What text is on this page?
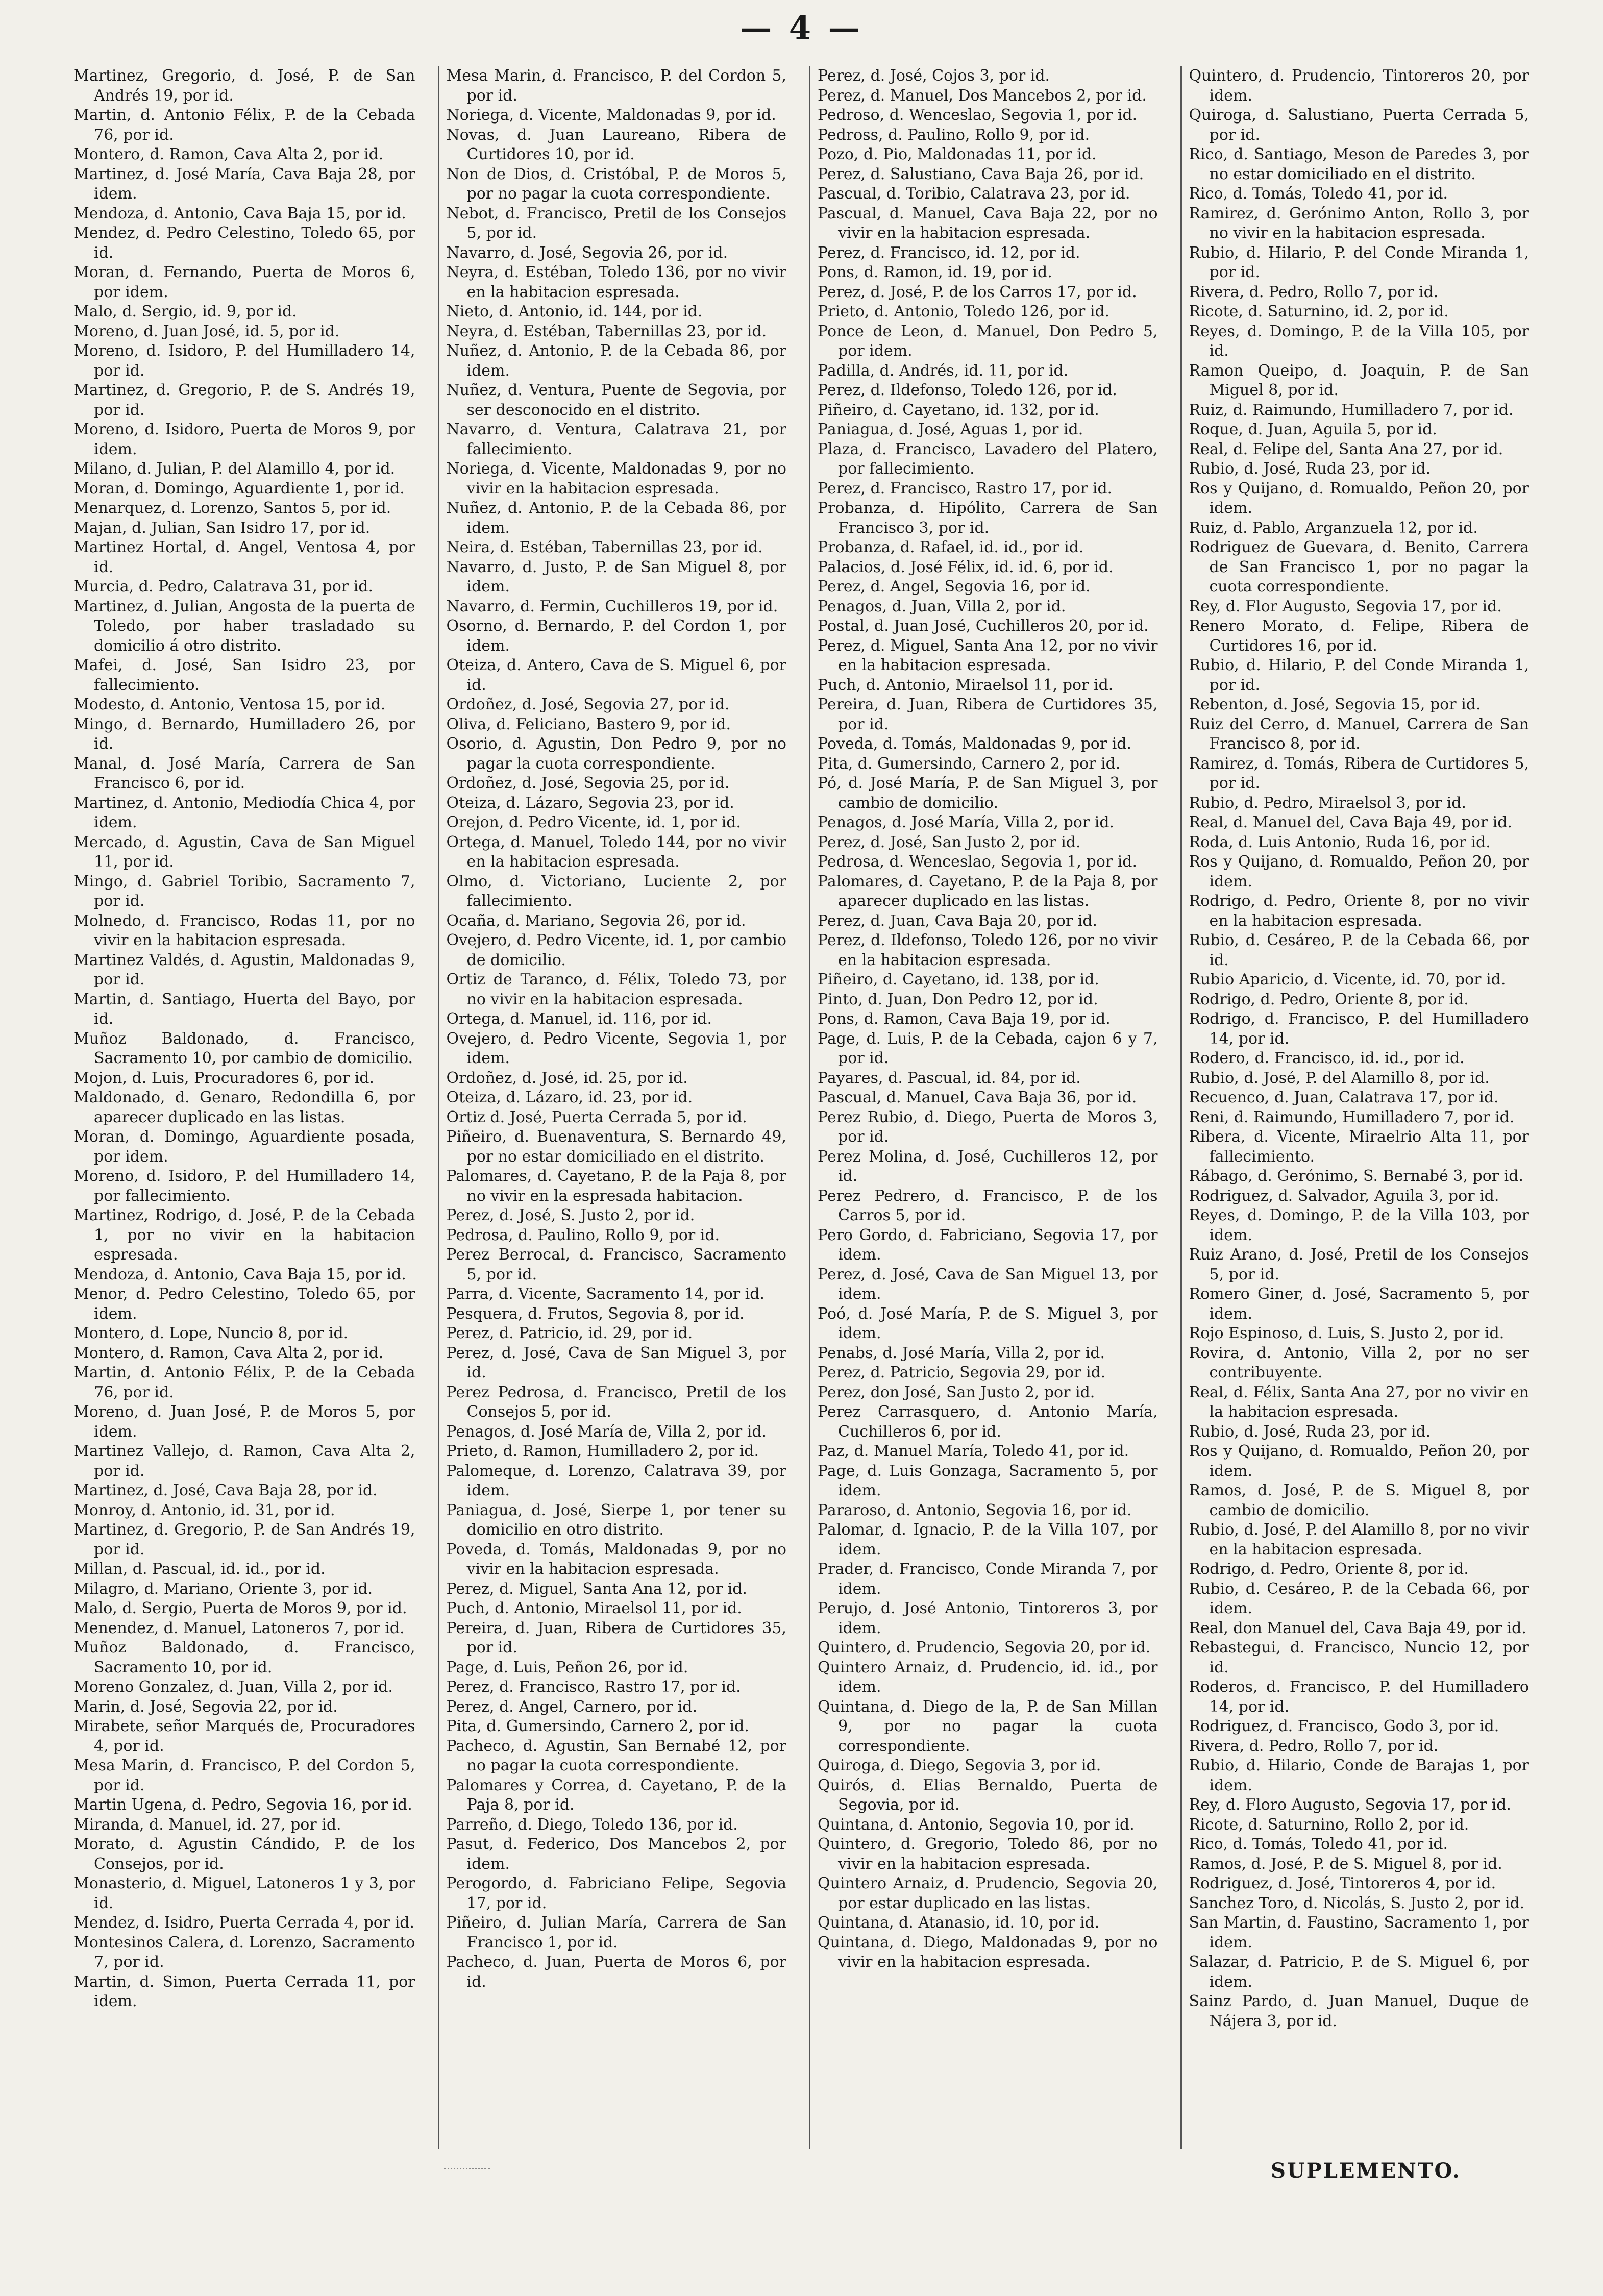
— 4 —

Martinez, Gregorio, d. José, P. de San Andrés 19, por id.

Martin, d. Antonio Félix, P. de la Cebada 76, por id.

Montero, d. Ramon, Cava Alta 2, por id.

Martinez, d. José María, Cava Baja 28, por idem.

Mendoza, d. Antonio, Cava Baja 15, por id.

Mendez, d. Pedro Celestino, Toledo 65, por id.

Moran, d. Fernando, Puerta de Moros 6, por idem.

Malo, d. Sergio, id. 9, por id.

Moreno, d. Juan José, id. 5, por id.

Moreno, d. Isidoro, P. del Humilladero 14, por id.

Martinez, d. Gregorio, P. de S. Andrés 19, por id.

Moreno, d. Isidoro, Puerta de Moros 9, por idem.

Milano, d. Julian, P. del Alamillo 4, por id.

Moran, d. Domingo, Aguardiente 1, por id.

Menarquez, d. Lorenzo, Santos 5, por id.

Majan, d. Julian, San Isidro 17, por id.

Martinez Hortal, d. Angel, Ventosa 4, por id.

Murcia, d. Pedro, Calatrava 31, por id.

Martinez, d. Julian, Angosta de la puerta de Toledo, por haber trasladado su domicilio á otro distrito.

Mafei, d. José, San Isidro 23, por fallecimiento.

Modesto, d. Antonio, Ventosa 15, por id.

Mingo, d. Bernardo, Humilladero 26, por id.

Manal, d. José María, Carrera de San Francisco 6, por id.

Martinez, d. Antonio, Mediodía Chica 4, por idem.

Mercado, d. Agustin, Cava de San Miguel 11, por id.

Mingo, d. Gabriel Toribio, Sacramento 7, por id.

Molnedo, d. Francisco, Rodas 11, por no vivir en la habitacion espresada.

Martinez Valdés, d. Agustin, Maldonadas 9, por id.

Martin, d. Santiago, Huerta del Bayo, por id.

Muñoz Baldonado, d. Francisco, Sacramento 10, por cambio de domicilio.

Mojon, d. Luis, Procuradores 6, por id.

Maldonado, d. Genaro, Redondilla 6, por aparecer duplicado en las listas.

Moran, d. Domingo, Aguardiente posada, por idem.

Moreno, d. Isidoro, P. del Humilladero 14, por fallecimiento.

Martinez, Rodrigo, d. José, P. de la Cebada 1, por no vivir en la habitacion espresada.

Mendoza, d. Antonio, Cava Baja 15, por id.

Menor, d. Pedro Celestino, Toledo 65, por idem.

Montero, d. Lope, Nuncio 8, por id.

Montero, d. Ramon, Cava Alta 2, por id.

Martin, d. Antonio Félix, P. de la Cebada 76, por id.

Moreno, d. Juan José, P. de Moros 5, por idem.

Martinez Vallejo, d. Ramon, Cava Alta 2, por id.

Martinez, d. José, Cava Baja 28, por id.

Monroy, d. Antonio, id. 31, por id.

Martinez, d. Gregorio, P. de San Andrés 19, por id.

Millan, d. Pascual, id. id., por id.

Milagro, d. Mariano, Oriente 3, por id.

Malo, d. Sergio, Puerta de Moros 9, por id.

Menendez, d. Manuel, Latoneros 7, por id.

Muñoz Baldonado, d. Francisco, Sacramento 10, por id.

Moreno Gonzalez, d. Juan, Villa 2, por id.

Marin, d. José, Segovia 22, por id.

Mirabete, señor Marqués de, Procuradores 4, por id.

Mesa Marin, d. Francisco, P. del Cordon 5, por id.

Martin Ugena, d. Pedro, Segovia 16, por id.

Miranda, d. Manuel, id. 27, por id.

Morato, d. Agustin Cándido, P. de los Consejos, por id.

Monasterio, d. Miguel, Latoneros 1 y 3, por id.

Mendez, d. Isidro, Puerta Cerrada 4, por id.

Montesinos Calera, d. Lorenzo, Sacramento 7, por id.

Martin, d. Simon, Puerta Cerrada 11, por idem.

Mesa Marin, d. Francisco, P. del Cordon 5, por id.

Noriega, d. Vicente, Maldonadas 9, por id.

Novas, d. Juan Laureano, Ribera de Curtidores 10, por id.

Non de Dios, d. Cristóbal, P. de Moros 5, por no pagar la cuota correspondiente.

Nebot, d. Francisco, Pretil de los Consejos 5, por id.

Navarro, d. José, Segovia 26, por id.

Neyra, d. Estéban, Toledo 136, por no vivir en la habitacion espresada.

Nieto, d. Antonio, id. 144, por id.

Neyra, d. Estéban, Tabernillas 23, por id.

Nuñez, d. Antonio, P. de la Cebada 86, por idem.

Nuñez, d. Ventura, Puente de Segovia, por ser desconocido en el distrito.

Navarro, d. Ventura, Calatrava 21, por fallecimiento.

Noriega, d. Vicente, Maldonadas 9, por no vivir en la habitacion espresada.

Nuñez, d. Antonio, P. de la Cebada 86, por idem.

Neira, d. Estéban, Tabernillas 23, por id.

Navarro, d. Justo, P. de San Miguel 8, por idem.

Navarro, d. Fermin, Cuchilleros 19, por id.

Osorno, d. Bernardo, P. del Cordon 1, por idem.

Oteiza, d. Antero, Cava de S. Miguel 6, por id.

Ordoñez, d. José, Segovia 27, por id.

Oliva, d. Feliciano, Bastero 9, por id.

Osorio, d. Agustin, Don Pedro 9, por no pagar la cuota correspondiente.

Ordoñez, d. José, Segovia 25, por id.

Oteiza, d. Lázaro, Segovia 23, por id.

Orejon, d. Pedro Vicente, id. 1, por id.

Ortega, d. Manuel, Toledo 144, por no vivir en la habitacion espresada.

Olmo, d. Victoriano, Luciente 2, por fallecimiento.

Ocaña, d. Mariano, Segovia 26, por id.

Ovejero, d. Pedro Vicente, id. 1, por cambio de domicilio.

Ortiz de Taranco, d. Félix, Toledo 73, por no vivir en la habitacion espresada.

Ortega, d. Manuel, id. 116, por id.

Ovejero, d. Pedro Vicente, Segovia 1, por idem.

Ordoñez, d. José, id. 25, por id.

Oteiza, d. Lázaro, id. 23, por id.

Ortiz d. José, Puerta Cerrada 5, por id.

Piñeiro, d. Buenaventura, S. Bernardo 49, por no estar domiciliado en el distrito.

Palomares, d. Cayetano, P. de la Paja 8, por no vivir en la espresada habitacion.

Perez, d. José, S. Justo 2, por id.

Pedrosa, d. Paulino, Rollo 9, por id.

Perez Berrocal, d. Francisco, Sacramento 5, por id.

Parra, d. Vicente, Sacramento 14, por id.

Pesquera, d. Frutos, Segovia 8, por id.

Perez, d. Patricio, id. 29, por id.

Perez, d. José, Cava de San Miguel 3, por id.

Perez Pedrosa, d. Francisco, Pretil de los Consejos 5, por id.

Penagos, d. José María de, Villa 2, por id.

Prieto, d. Ramon, Humilladero 2, por id.

Palomeque, d. Lorenzo, Calatrava 39, por idem.

Paniagua, d. José, Sierpe 1, por tener su domicilio en otro distrito.

Poveda, d. Tomás, Maldonadas 9, por no vivir en la habitacion espresada.

Perez, d. Miguel, Santa Ana 12, por id.

Puch, d. Antonio, Miraelsol 11, por id.

Pereira, d. Juan, Ribera de Curtidores 35, por id.

Page, d. Luis, Peñon 26, por id.

Perez, d. Francisco, Rastro 17, por id.

Perez, d. Angel, Carnero, por id.

Pita, d. Gumersindo, Carnero 2, por id.

Pacheco, d. Agustin, San Bernabé 12, por no pagar la cuota correspondiente.

Palomares y Correa, d. Cayetano, P. de la Paja 8, por id.

Parreño, d. Diego, Toledo 136, por id.

Pasut, d. Federico, Dos Mancebos 2, por idem.

Perogordo, d. Fabriciano Felipe, Segovia 17, por id.

Piñeiro, d. Julian María, Carrera de San Francisco 1, por id.

Pacheco, d. Juan, Puerta de Moros 6, por id.

Perez, d. José, Cojos 3, por id.

Perez, d. Manuel, Dos Mancebos 2, por id.

Pedroso, d. Wenceslao, Segovia 1, por id.

Pedross, d. Paulino, Rollo 9, por id.

Pozo, d. Pio, Maldonadas 11, por id.

Perez, d. Salustiano, Cava Baja 26, por id.

Pascual, d. Toribio, Calatrava 23, por id.

Pascual, d. Manuel, Cava Baja 22, por no vivir en la habitacion espresada.

Perez, d. Francisco, id. 12, por id.

Pons, d. Ramon, id. 19, por id.

Perez, d. José, P. de los Carros 17, por id.

Prieto, d. Antonio, Toledo 126, por id.

Ponce de Leon, d. Manuel, Don Pedro 5, por idem.

Padilla, d. Andrés, id. 11, por id.

Perez, d. Ildefonso, Toledo 126, por id.

Piñeiro, d. Cayetano, id. 132, por id.

Paniagua, d. José, Aguas 1, por id.

Plaza, d. Francisco, Lavadero del Platero, por fallecimiento.

Perez, d. Francisco, Rastro 17, por id.

Probanza, d. Hipólito, Carrera de San Francisco 3, por id.

Probanza, d. Rafael, id. id., por id.

Palacios, d. José Félix, id. id. 6, por id.

Perez, d. Angel, Segovia 16, por id.

Penagos, d. Juan, Villa 2, por id.

Postal, d. Juan José, Cuchilleros 20, por id.

Perez, d. Miguel, Santa Ana 12, por no vivir en la habitacion espresada.

Puch, d. Antonio, Miraelsol 11, por id.

Pereira, d. Juan, Ribera de Curtidores 35, por id.

Poveda, d. Tomás, Maldonadas 9, por id.

Pita, d. Gumersindo, Carnero 2, por id.

Pó, d. José María, P. de San Miguel 3, por cambio de domicilio.

Penagos, d. José María, Villa 2, por id.

Perez, d. José, San Justo 2, por id.

Pedrosa, d. Wenceslao, Segovia 1, por id.

Palomares, d. Cayetano, P. de la Paja 8, por aparecer duplicado en las listas.

Perez, d. Juan, Cava Baja 20, por id.

Perez, d. Ildefonso, Toledo 126, por no vivir en la habitacion espresada.

Piñeiro, d. Cayetano, id. 138, por id.

Pinto, d. Juan, Don Pedro 12, por id.

Pons, d. Ramon, Cava Baja 19, por id.

Page, d. Luis, P. de la Cebada, cajon 6 y 7, por id.

Payares, d. Pascual, id. 84, por id.

Pascual, d. Manuel, Cava Baja 36, por id.

Perez Rubio, d. Diego, Puerta de Moros 3, por id.

Perez Molina, d. José, Cuchilleros 12, por id.

Perez Pedrero, d. Francisco, P. de los Carros 5, por id.

Pero Gordo, d. Fabriciano, Segovia 17, por idem.

Perez, d. José, Cava de San Miguel 13, por idem.

Poó, d. José María, P. de S. Miguel 3, por idem.

Penabs, d. José María, Villa 2, por id.

Perez, d. Patricio, Segovia 29, por id.

Perez, don José, San Justo 2, por id.

Perez Carrasquero, d. Antonio María, Cuchilleros 6, por id.

Paz, d. Manuel María, Toledo 41, por id.

Page, d. Luis Gonzaga, Sacramento 5, por idem.

Pararoso, d. Antonio, Segovia 16, por id.

Palomar, d. Ignacio, P. de la Villa 107, por idem.

Prader, d. Francisco, Conde Miranda 7, por idem.

Perujo, d. José Antonio, Tintoreros 3, por idem.

Quintero, d. Prudencio, Segovia 20, por id.

Quintero Arnaiz, d. Prudencio, id. id., por idem.

Quintana, d. Diego de la, P. de San Millan 9, por no pagar la cuota correspondiente.

Quiroga, d. Diego, Segovia 3, por id.

Quirós, d. Elias Bernaldo, Puerta de Segovia, por id.

Quintana, d. Antonio, Segovia 10, por id.

Quintero, d. Gregorio, Toledo 86, por no vivir en la habitacion espresada.

Quintero Arnaiz, d. Prudencio, Segovia 20, por estar duplicado en las listas.

Quintana, d. Atanasio, id. 10, por id.

Quintana, d. Diego, Maldonadas 9, por no vivir en la habitacion espresada.

Quintero, d. Prudencio, Tintoreros 20, por idem.

Quiroga, d. Salustiano, Puerta Cerrada 5, por id.

Rico, d. Santiago, Meson de Paredes 3, por no estar domiciliado en el distrito.

Rico, d. Tomás, Toledo 41, por id.

Ramirez, d. Gerónimo Anton, Rollo 3, por no vivir en la habitacion espresada.

Rubio, d. Hilario, P. del Conde Miranda 1, por id.

Rivera, d. Pedro, Rollo 7, por id.

Ricote, d. Saturnino, id. 2, por id.

Reyes, d. Domingo, P. de la Villa 105, por id.

Ramon Queipo, d. Joaquin, P. de San Miguel 8, por id.

Ruiz, d. Raimundo, Humilladero 7, por id.

Roque, d. Juan, Aguila 5, por id.

Real, d. Felipe del, Santa Ana 27, por id.

Rubio, d. José, Ruda 23, por id.

Ros y Quijano, d. Romualdo, Peñon 20, por idem.

Ruiz, d. Pablo, Arganzuela 12, por id.

Rodriguez de Guevara, d. Benito, Carrera de San Francisco 1, por no pagar la cuota correspondiente.

Rey, d. Flor Augusto, Segovia 17, por id.

Renero Morato, d. Felipe, Ribera de Curtidores 16, por id.

Rubio, d. Hilario, P. del Conde Miranda 1, por id.

Rebenton, d. José, Segovia 15, por id.

Ruiz del Cerro, d. Manuel, Carrera de San Francisco 8, por id.

Ramirez, d. Tomás, Ribera de Curtidores 5, por id.

Rubio, d. Pedro, Miraelsol 3, por id.

Real, d. Manuel del, Cava Baja 49, por id.

Roda, d. Luis Antonio, Ruda 16, por id.

Ros y Quijano, d. Romualdo, Peñon 20, por idem.

Rodrigo, d. Pedro, Oriente 8, por no vivir en la habitacion espresada.

Rubio, d. Cesáreo, P. de la Cebada 66, por id.

Rubio Aparicio, d. Vicente, id. 70, por id.

Rodrigo, d. Pedro, Oriente 8, por id.

Rodrigo, d. Francisco, P. del Humilladero 14, por id.

Rodero, d. Francisco, id. id., por id.

Rubio, d. José, P. del Alamillo 8, por id.

Recuenco, d. Juan, Calatrava 17, por id.

Reni, d. Raimundo, Humilladero 7, por id.

Ribera, d. Vicente, Miraelrio Alta 11, por fallecimiento.

Rábago, d. Gerónimo, S. Bernabé 3, por id.

Rodriguez, d. Salvador, Aguila 3, por id.

Reyes, d. Domingo, P. de la Villa 103, por idem.

Ruiz Arano, d. José, Pretil de los Consejos 5, por id.

Romero Giner, d. José, Sacramento 5, por idem.

Rojo Espinoso, d. Luis, S. Justo 2, por id.

Rovira, d. Antonio, Villa 2, por no ser contribuyente.

Real, d. Félix, Santa Ana 27, por no vivir en la habitacion espresada.

Rubio, d. José, Ruda 23, por id.

Ros y Quijano, d. Romualdo, Peñon 20, por idem.

Ramos, d. José, P. de S. Miguel 8, por cambio de domicilio.

Rubio, d. José, P. del Alamillo 8, por no vivir en la habitacion espresada.

Rodrigo, d. Pedro, Oriente 8, por id.

Rubio, d. Cesáreo, P. de la Cebada 66, por idem.

Real, don Manuel del, Cava Baja 49, por id.

Rebastegui, d. Francisco, Nuncio 12, por id.

Roderos, d. Francisco, P. del Humilladero 14, por id.

Rodriguez, d. Francisco, Godo 3, por id.

Rivera, d. Pedro, Rollo 7, por id.

Rubio, d. Hilario, Conde de Barajas 1, por idem.

Rey, d. Floro Augusto, Segovia 17, por id.

Ricote, d. Saturnino, Rollo 2, por id.

Rico, d. Tomás, Toledo 41, por id.

Ramos, d. José, P. de S. Miguel 8, por id.

Rodriguez, d. José, Tintoreros 4, por id.

Sanchez Toro, d. Nicolás, S. Justo 2, por id.

San Martin, d. Faustino, Sacramento 1, por idem.

Salazar, d. Patricio, P. de S. Miguel 6, por idem.

Sainz Pardo, d. Juan Manuel, Duque de Nájera 3, por id.

SUPLEMENTO.
